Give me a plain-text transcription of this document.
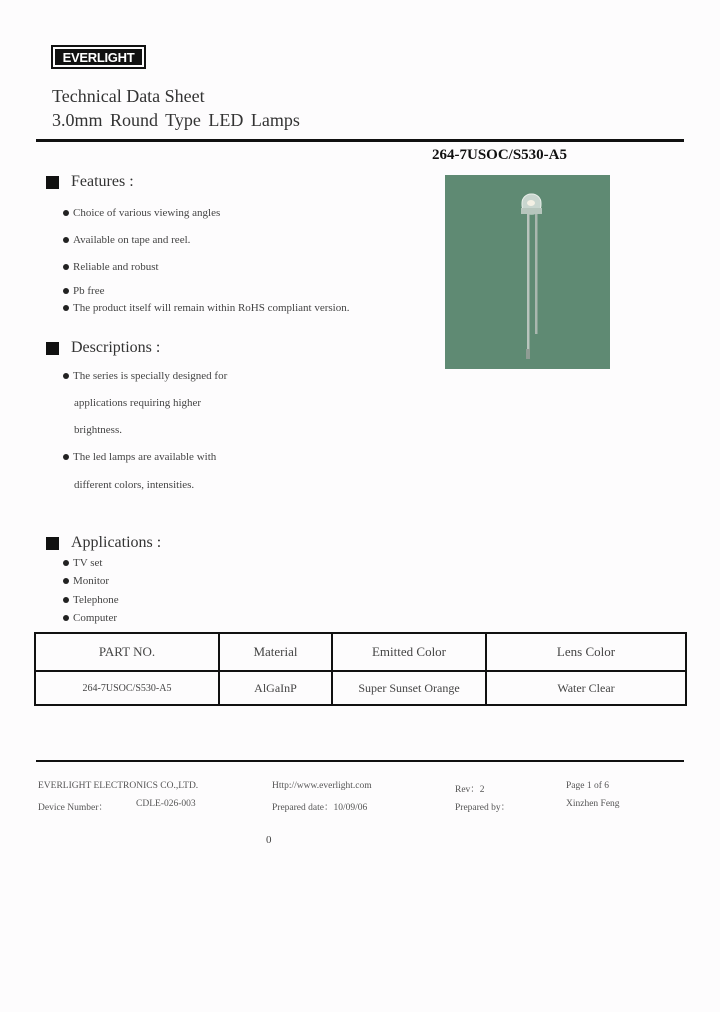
EVERLIGHT
Technical Data Sheet
3.0mm Round Type LED Lamps
264-7USOC/S530-A5
Features :
Choice of various viewing angles
Available on tape and reel.
Reliable and robust
Pb free
The product itself will remain within RoHS compliant version.
Descriptions :
The series is specially designed for
applications requiring higher
brightness.
The led lamps are available with
different colors, intensities.
Applications :
TV set
Monitor
Telephone
Computer
PART NO.	Material	Emitted Color	Lens Color
264-7USOC/S530-A5	AlGaInP	Super Sunset Orange	Water Clear
EVERLIGHT ELECTRONICS CO.,LTD.
Device Number：	CDLE-026-003
Http://www.everlight.com
Prepared date：10/09/06
Rev：2
Prepared by：
Page 1 of 6
Xinzhen Feng
0
